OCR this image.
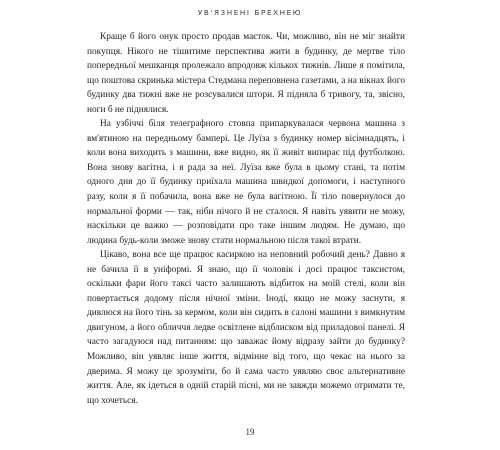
УВ'ЯЗНЕНІ БРЕХНЕЮ

Краще б його онук просто продав маєток. Чи, можливо, він не міг знайти покупця. Нікого не тішитиме перспектива жити в будинку, де мертве тіло попередньої мешканця пролежало впродовж кількох тижнів. Лише я помітила, що поштова скринька містера Стедмана переповнена газетами, а на вікнах його будинку два тижні вже не розсувалися штори. Я підняла б тривогу, та, звісно, ноги б не піднялися.

На узбіччі біля телеграфного стовпа припаркувалася червона машина з вм'ятиною на передньому бампері. Це Луїза з будинку номер вісімнадцять, і коли вона виходить з машини, вже видно, як її живіт випирає під футболкою. Вона знову вагітна, і я рада за неї. Луїза вже була в цьому стані, та потім одного дня до її будинку приїхала машина швидкої допомоги, і наступного разу, коли я її побачила, вона вже не була вагітною. Її тіло повернулося до нормальної форми — так, ніби нічого й не сталося. Я навіть уявити не можу, наскільки це важко — розповідати про таке іншим людям. Не думаю, що людина будь-коли зможе знову стати нормальною після такої втрати.

Цікаво, вона все ще працює касиркою на неповний робочий день? Давно я не бачила її в уніформі. Я знаю, що її чоловік і досі працює таксистом, оскільки фари його таксі часто залишають відбиток на моїй стелі, коли він повертається додому після нічної зміни. Іноді, якщо не можу заснути, я дивлюся на його тінь за кермом, коли він сидить в салоні машини з вимкнутим двигуном, а його обличчя ледве освітлене відблиском від приладової панелі. Я часто загадуюся над питанням: що заважає йому відразу зайти до будинку? Можливо, він уявляє інше життя, відмінне від того, що чекає на нього за дверима. Я можу це зрозуміти, бо й сама часто уявляю своє альтернативне життя. Але, як ідеться в одній старій пісні, ми не завжди можемо отримати те, що хочеться.

19
